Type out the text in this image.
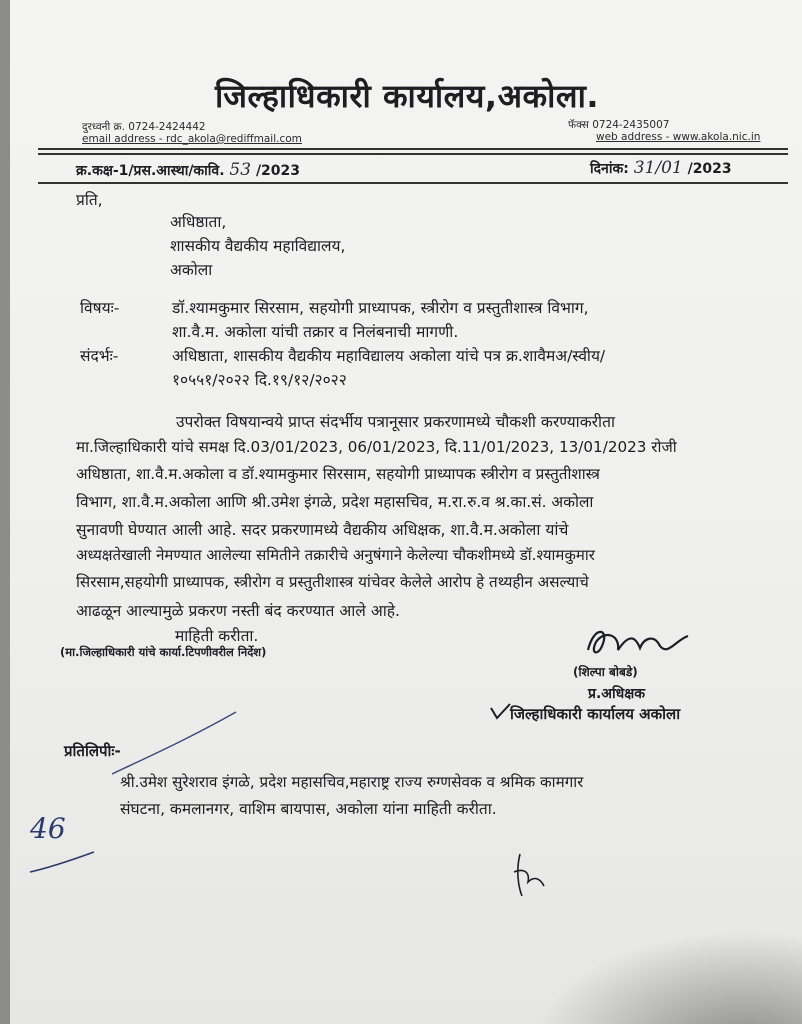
जिल्हाधिकारी कार्यालय,अकोला.
दुरध्वनी क्र. 0724-2424442
email address - rdc_akola@rediffmail.com
फॅक्स 0724-2435007
web address - www.akola.nic.in
क्र.कक्ष-1/प्रस.आस्था/कावि. 53 /2023	दिनांक: 31/01 /2023
प्रति,
अधिष्ठाता,
शासकीय वैद्यकीय महाविद्यालय,
अकोला
विषयः-	डॉ.श्यामकुमार सिरसाम, सहयोगी प्राध्यापक, स्त्रीरोग व प्रस्तुतीशास्त्र विभाग,
शा.वै.म. अकोला यांची तक्रार व निलंबनाची मागणी.
संदर्भः-	अधिष्ठाता, शासकीय वैद्यकीय महाविद्यालय अकोला यांचे पत्र क्र.शावैमअ/स्वीय/
१०५५१/२०२२ दि.१९/१२/२०२२
उपरोक्त विषयान्वये प्राप्त संदर्भीय पत्रानूसार प्रकरणामध्ये चौकशी करण्याकरीता
मा.जिल्हाधिकारी यांचे समक्ष दि.03/01/2023, 06/01/2023, दि.11/01/2023, 13/01/2023 रोजी
अधिष्ठाता, शा.वै.म.अकोला व डॉ.श्यामकुमार सिरसाम, सहयोगी प्राध्यापक स्त्रीरोग व प्रस्तुतीशास्त्र
विभाग, शा.वै.म.अकोला आणि श्री.उमेश इंगळे, प्रदेश महासचिव, म.रा.रु.व श्र.का.सं. अकोला
सुनावणी घेण्यात आली आहे. सदर प्रकरणामध्ये वैद्यकीय अधिक्षक, शा.वै.म.अकोला यांचे
अध्यक्षतेखाली नेमण्यात आलेल्या समितीने तक्रारीचे अनुषंगाने केलेल्या चौकशीमध्ये डॉ.श्यामकुमार
सिरसाम,सहयोगी प्राध्यापक, स्त्रीरोग व प्रस्तुतीशास्त्र यांचेवर केलेले आरोप हे तथ्यहीन असल्याचे
आढळून आल्यामुळे प्रकरण नस्ती बंद करण्यात आले आहे.
माहिती करीता.
(मा.जिल्हाधिकारी यांचे कार्या.टिपणीवरील निर्देश)
(शिल्पा बोबडे)
प्र.अधिक्षक
जिल्हाधिकारी कार्यालय अकोला
प्रतिलिपीः-
श्री.उमेश सुरेशराव इंगळे, प्रदेश महासचिव,महाराष्ट्र राज्य रुग्णसेवक व श्रमिक कामगार
संघटना, कमलानगर, वाशिम बायपास, अकोला यांना माहिती करीता.
46
